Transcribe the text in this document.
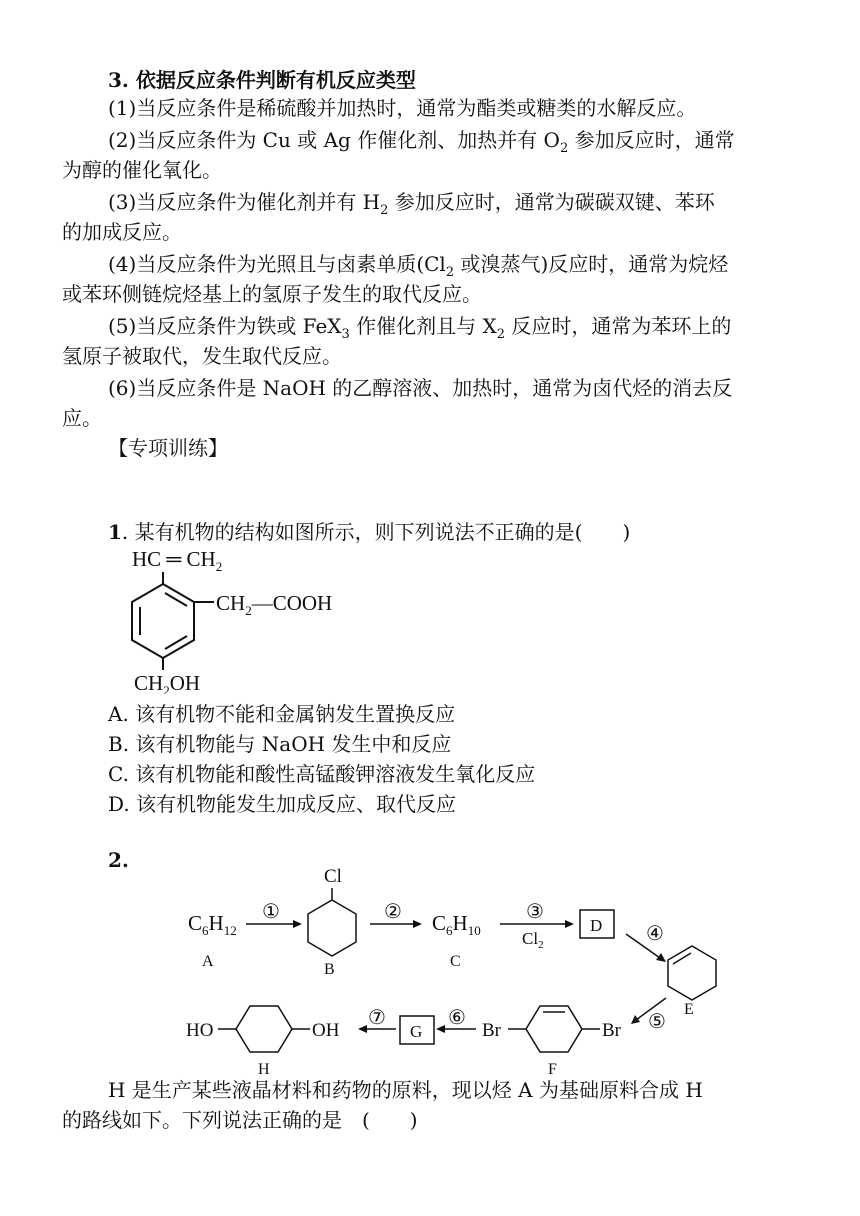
3. 依据反应条件判断有机反应类型
(1)当反应条件是稀硫酸并加热时，通常为酯类或糖类的水解反应。
(2)当反应条件为 Cu 或 Ag 作催化剂、加热并有 $O_2$ 参加反应时，通常
为醇的催化氧化。
(3)当反应条件为催化剂并有 $H_2$ 参加反应时，通常为碳碳双键、苯环
的加成反应。
(4)当反应条件为光照且与卤素单质($Cl_2$ 或溴蒸气)反应时，通常为烷烃
或苯环侧链烷烃基上的氢原子发生的取代反应。
(5)当反应条件为铁或 FeX$_3$ 作催化剂且与 $X_2$ 反应时，通常为苯环上的
氢原子被取代，发生取代反应。
(6)当反应条件是 NaOH 的乙醇溶液、加热时，通常为卤代烃的消去反
应。
【专项训练】
1. 某有机物的结构如图所示，则下列说法不正确的是(　　)
HC ═ $CH_2$
$CH_2—COOH$
$CH_2OH$
A. 该有机物不能和金属钠发生置换反应
B. 该有机物能与 NaOH 发生中和反应
C. 该有机物能和酸性高锰酸钾溶液发生氧化反应
D. 该有机物能发生加成反应、取代反应
2.
$C_6H_{12}$
A
①
Cl
B
② $C_6H_{10}$
C
③
$Cl_2$
D ④
E
⑤
Br	Br
F
⑥
G
⑦
HO	OH
H
H 是生产某些液晶材料和药物的原料，现以烃 A 为基础原料合成 H
的路线如下。下列说法正确的是　(　　)
